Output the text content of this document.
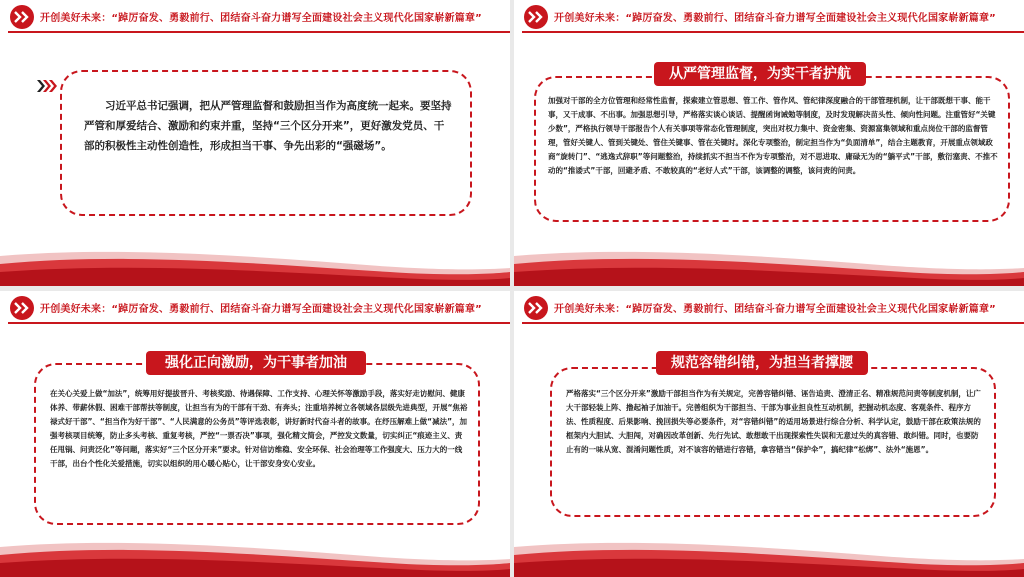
开创美好未来：“踔厉奋发、勇毅前行、团结奋斗奋力谱写全面建设社会主义现代化国家崭新篇章”
习近平总书记强调，把从严管理监督和鼓励担当作为高度统一起来。要坚持严管和厚爱结合、激励和约束并重，坚持“三个区分开来”，更好激发党员、干部的积极性主动性创造性，形成担当干事、争先出彩的“强磁场”。
开创美好未来：“踔厉奋发、勇毅前行、团结奋斗奋力谱写全面建设社会主义现代化国家崭新篇章”
加强对干部的全方位管理和经常性监督，探索建立管思想、管工作、管作风、管纪律深度融合的干部管理机制，让干部既想干事、能干事，又干成事、不出事。加强思想引导，严格落实谈心谈话、提醒函询诫勉等制度，及时发现解决苗头性、倾向性问题。注重管好“关键少数”，严格执行领导干部报告个人有关事项等常态化管理制度，突出对权力集中、资金密集、资源富集领域和重点岗位干部的监督管理，管好关键人、管到关键处、管住关键事、管在关键时。深化专项整治，制定担当作为“负面清单”，结合主题教育，开展重点领域政商“旋转门”、“逃逸式辞职”等问题整治，持续抓实不担当不作为专项整治，对不思进取、庸碌无为的“躺平式”干部，敷衍塞责、不推不动的“推诿式”干部，回避矛盾、不敢较真的“老好人式”干部，该调整的调整，该问责的问责。
从严管理监督，为实干者护航
开创美好未来：“踔厉奋发、勇毅前行、团结奋斗奋力谱写全面建设社会主义现代化国家崭新篇章”
在关心关爱上做“加法”，统筹用好提拔晋升、考核奖励、待遇保障、工作支持、心理关怀等激励手段，落实好走访慰问、健康体养、带薪休假、困难干部帮扶等制度，让担当有为的干部有干劲、有奔头；注重培养树立各领域各层级先进典型，开展“焦裕禄式好干部”、“担当作为好干部”、“人民满意的公务员”等评选表彰，讲好新时代奋斗者的故事。在纾压解难上做“减法”，加强考核项目统筹，防止多头考核、重复考核，严控“一票否决”事项，强化精文简会，严控发文数量，切实纠正“痕迹主义、责任甩锅、问责泛化”等问题，落实好“三个区分开来”要求。针对信访维稳、安全环保、社会治理等工作强度大、压力大的一线干部，出台个性化关爱措施，切实以组织的用心暖心贴心，让干部安身安心安业。
强化正向激励，为干事者加油
开创美好未来：“踔厉奋发、勇毅前行、团结奋斗奋力谱写全面建设社会主义现代化国家崭新篇章”
严格落实“三个区分开来”激励干部担当作为有关规定，完善容错纠错、诬告追责、澄清正名、精准规范问责等制度机制，让广大干部轻装上阵、撸起袖子加油干。完善组织为干部担当、干部为事业担良性互动机制，把握动机态度、客观条件、程序方法、性质程度、后果影响、挽回损失等必要条件，对“容错纠错”的适用场景进行综合分析、科学认定，鼓励干部在政策法规的框架内大胆试、大胆闯，对确因改革创新、先行先试、敢想敢干出现探索性失误和无意过失的真容错、敢纠错。同时，也要防止有的一味从宽、混淆问题性质，对不该容的错进行容错，拿容错当“保护伞”，搞纪律“松绑”、法外“施恩”。
规范容错纠错，为担当者撑腰
